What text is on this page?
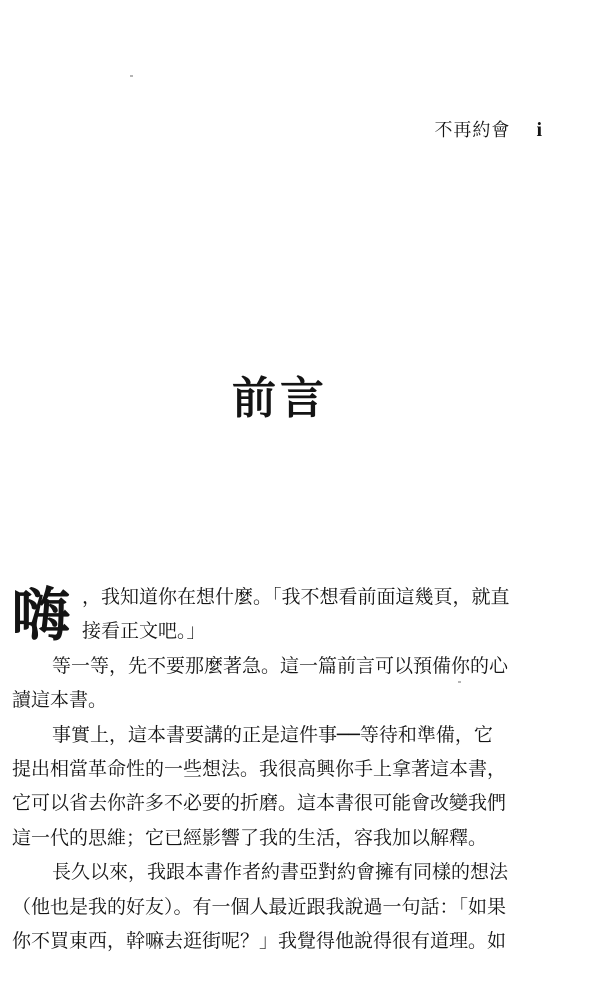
不再約會 i
前言
嗨 ，我知道你在想什麼。「我不想看前面這幾頁，就直
接看正文吧。」
等一等，先不要那麼著急。這一篇前言可以預備你的心
讀這本書。
事實上，這本書要講的正是這件事──等待和準備，它
提出相當革命性的一些想法。我很高興你手上拿著這本書，
它可以省去你許多不必要的折磨。這本書很可能會改變我們
這一代的思維；它已經影響了我的生活，容我加以解釋。
長久以來，我跟本書作者約書亞對約會擁有同樣的想法
（他也是我的好友）。有一個人最近跟我說過一句話：「如果
你不買東西，幹嘛去逛街呢？」我覺得他說得很有道理。如
